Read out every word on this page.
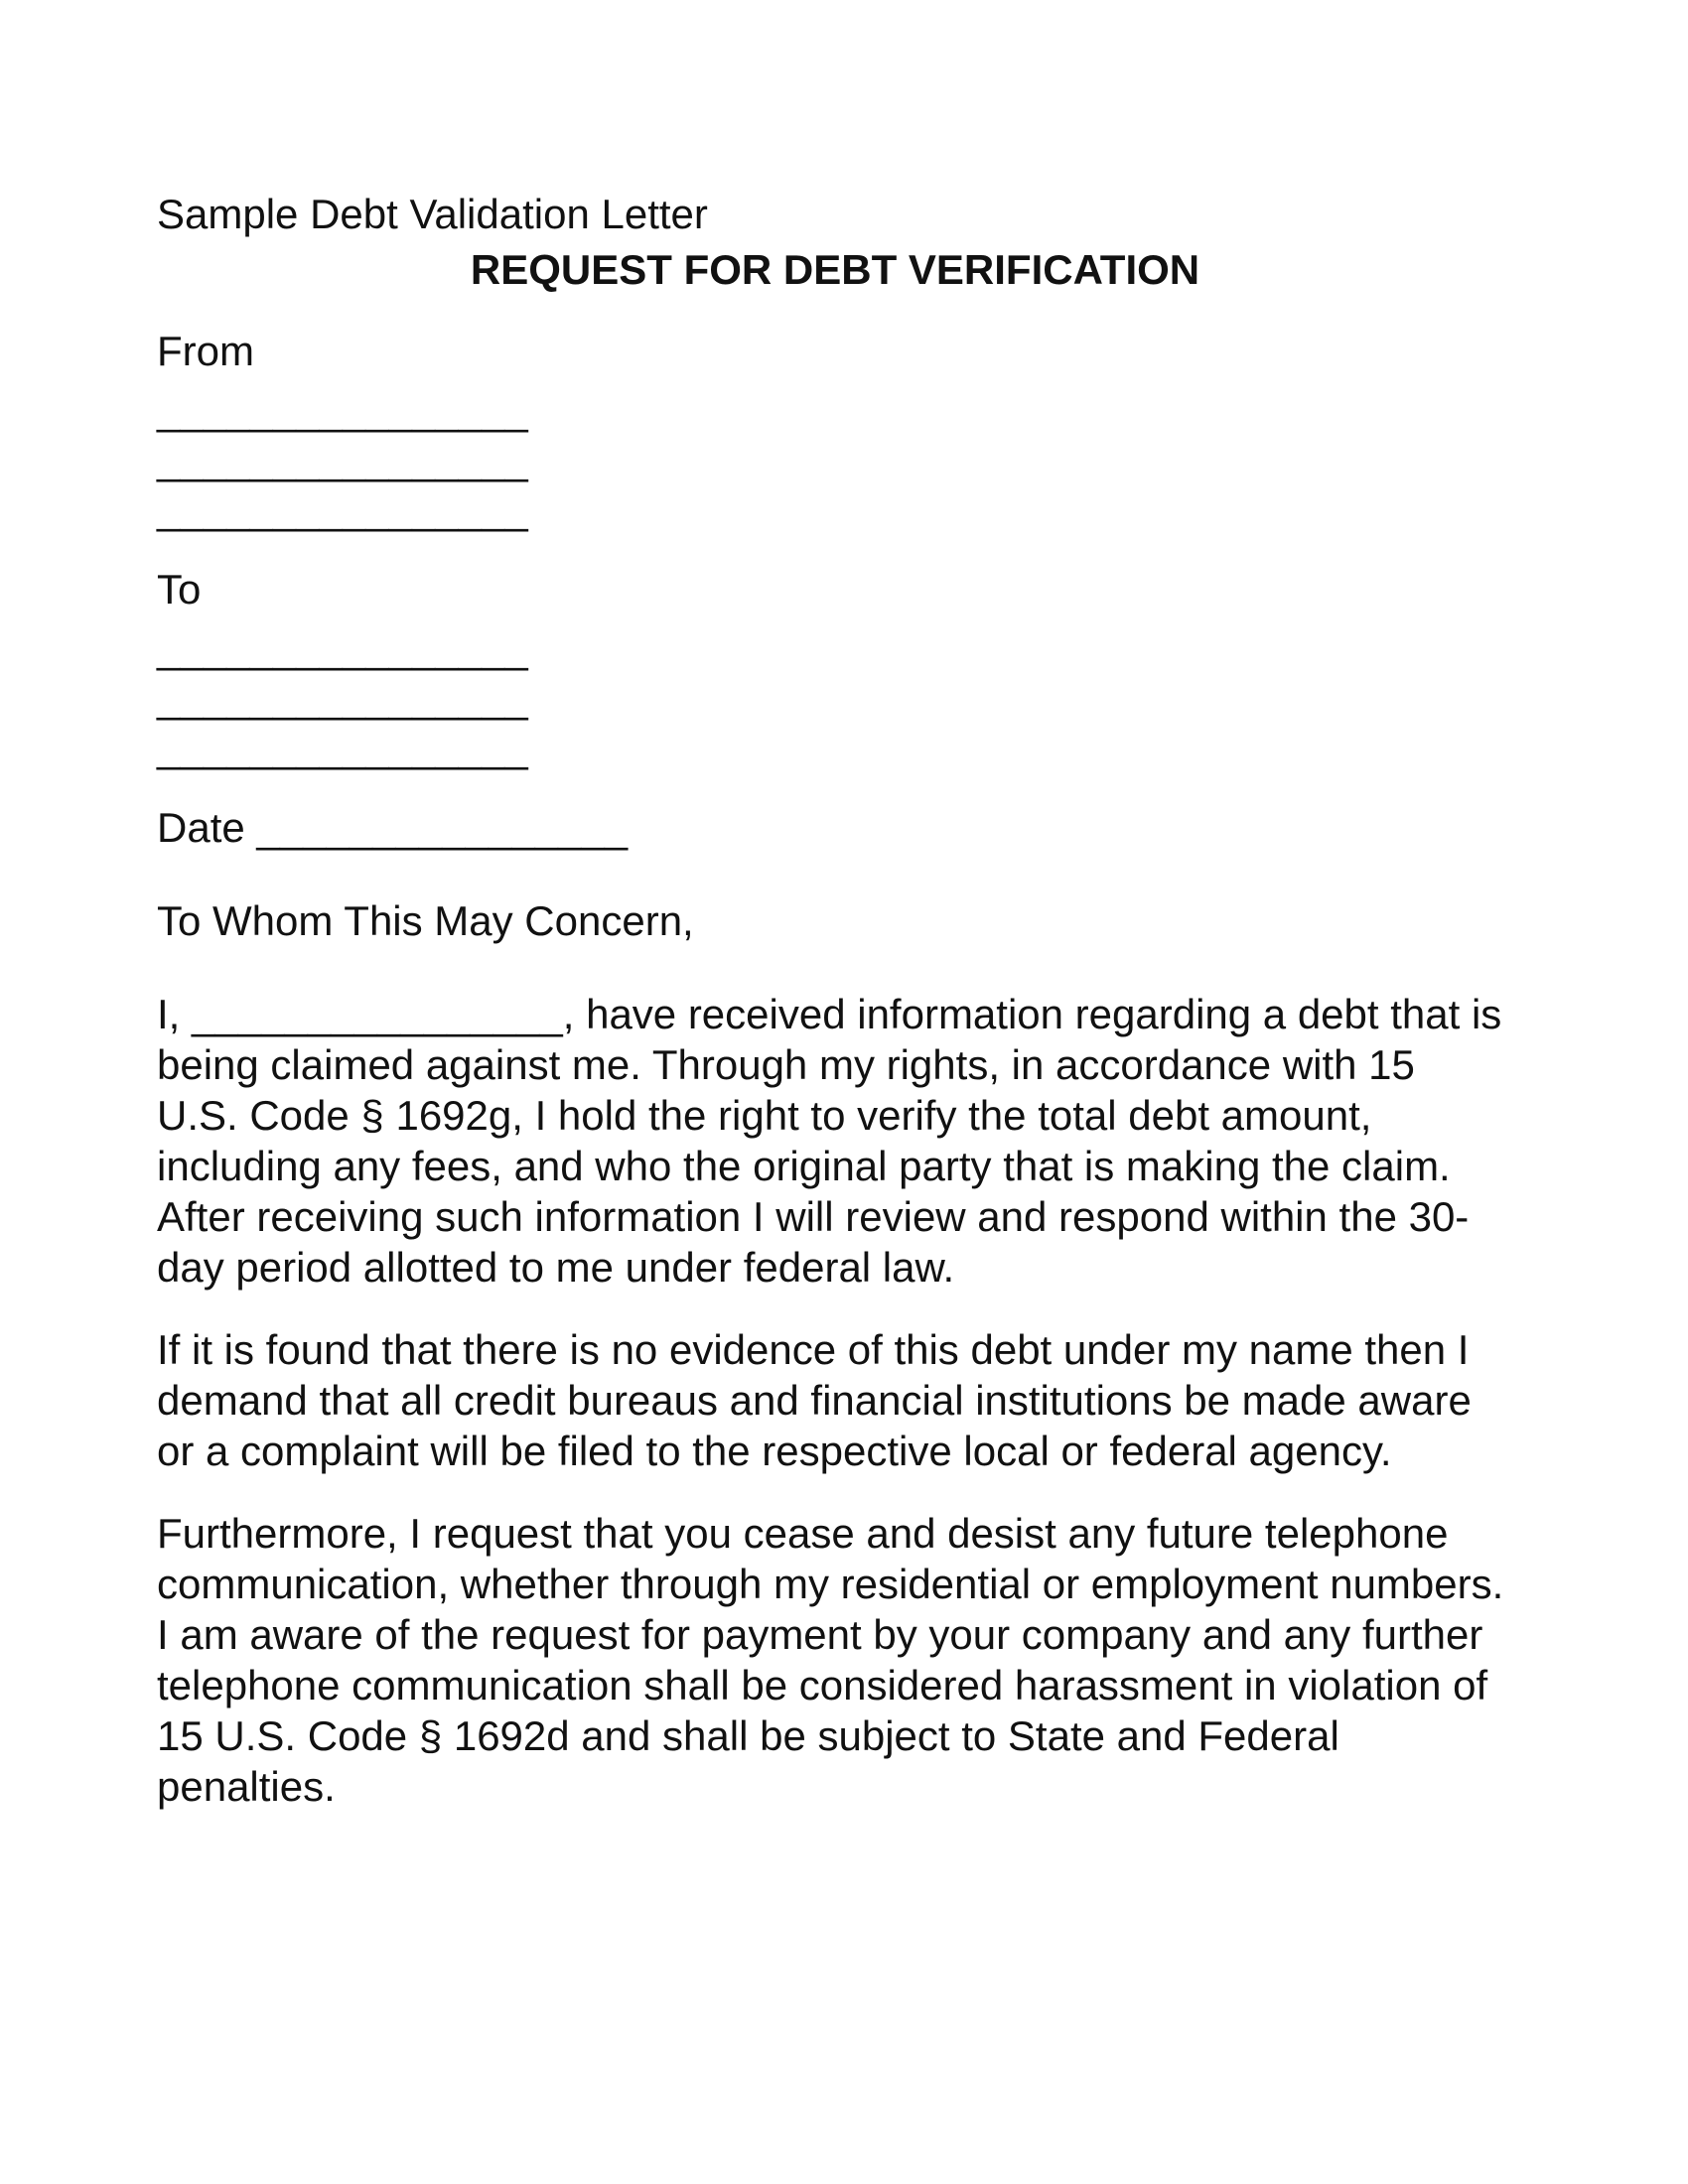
Sample Debt Validation Letter

REQUEST FOR DEBT VERIFICATION

From

________________

________________

________________

To

________________

________________

________________

Date ________________

To Whom This May Concern,

I, ________________, have received information regarding a debt that is being claimed against me. Through my rights, in accordance with 15 U.S. Code § 1692g, I hold the right to verify the total debt amount, including any fees, and who the original party that is making the claim. After receiving such information I will review and respond within the 30-day period allotted to me under federal law.

If it is found that there is no evidence of this debt under my name then I demand that all credit bureaus and financial institutions be made aware or a complaint will be filed to the respective local or federal agency.

Furthermore, I request that you cease and desist any future telephone communication, whether through my residential or employment numbers. I am aware of the request for payment by your company and any further telephone communication shall be considered harassment in violation of 15 U.S. Code § 1692d and shall be subject to State and Federal penalties.
